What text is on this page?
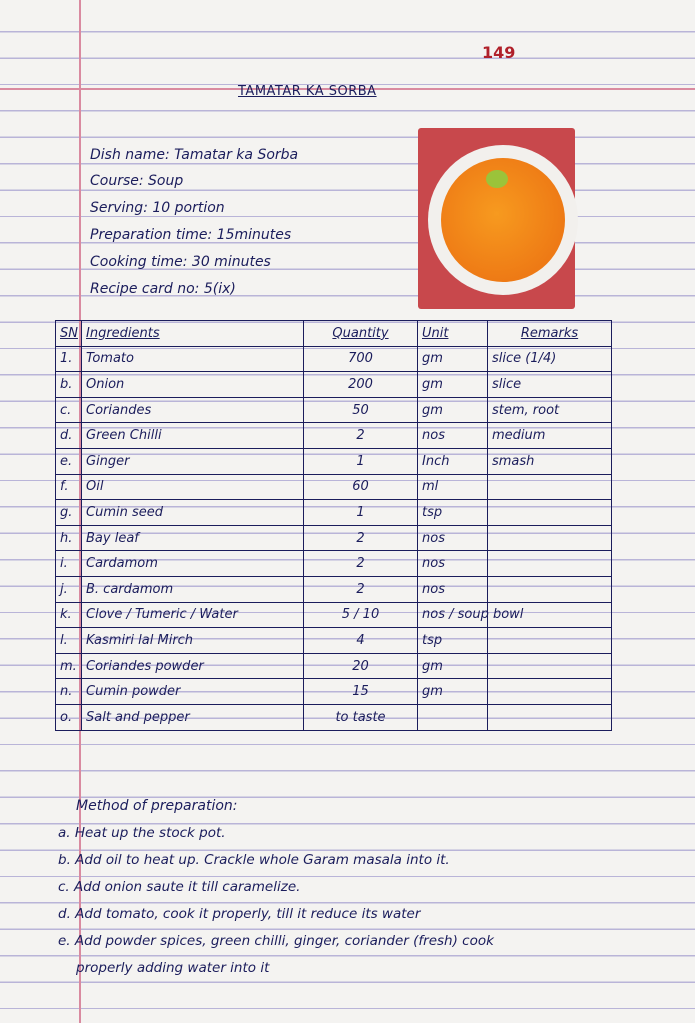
149
TAMATAR KA SORBA
Dish name: Tamatar ka Sorba
Course: Soup
Serving: 10 portion
Preparation time: 15minutes
Cooking time: 30 minutes
Recipe card no: 5(ix)
SN	Ingredients	Quantity	Unit	Remarks
1.	Tomato	700	gm	slice (1/4)
b.	Onion	200	gm	slice
c.	Coriandes	50	gm	stem, root
d.	Green Chilli	2	nos	medium
e.	Ginger	1	Inch	smash
f.	Oil	60	ml	
g.	Cumin seed	1	tsp	
h.	Bay leaf	2	nos	
i.	Cardamom	2	nos	
j.	B. cardamom	2	nos	
k.	Clove / Tumeric / Water	5 / 10	nos / soup bowl	
l.	Kasmiri lal Mirch	4	tsp	
m.	Coriandes powder	20	gm	
n.	Cumin powder	15	gm	
o.	Salt and pepper	to taste		
Method of preparation:
a. Heat up the stock pot.
b. Add oil to heat up. Crackle whole Garam masala into it.
c. Add onion saute it till caramelize.
d. Add tomato, cook it properly, till it reduce its water
e. Add powder spices, green chilli, ginger, coriander (fresh) cook
properly adding water into it
